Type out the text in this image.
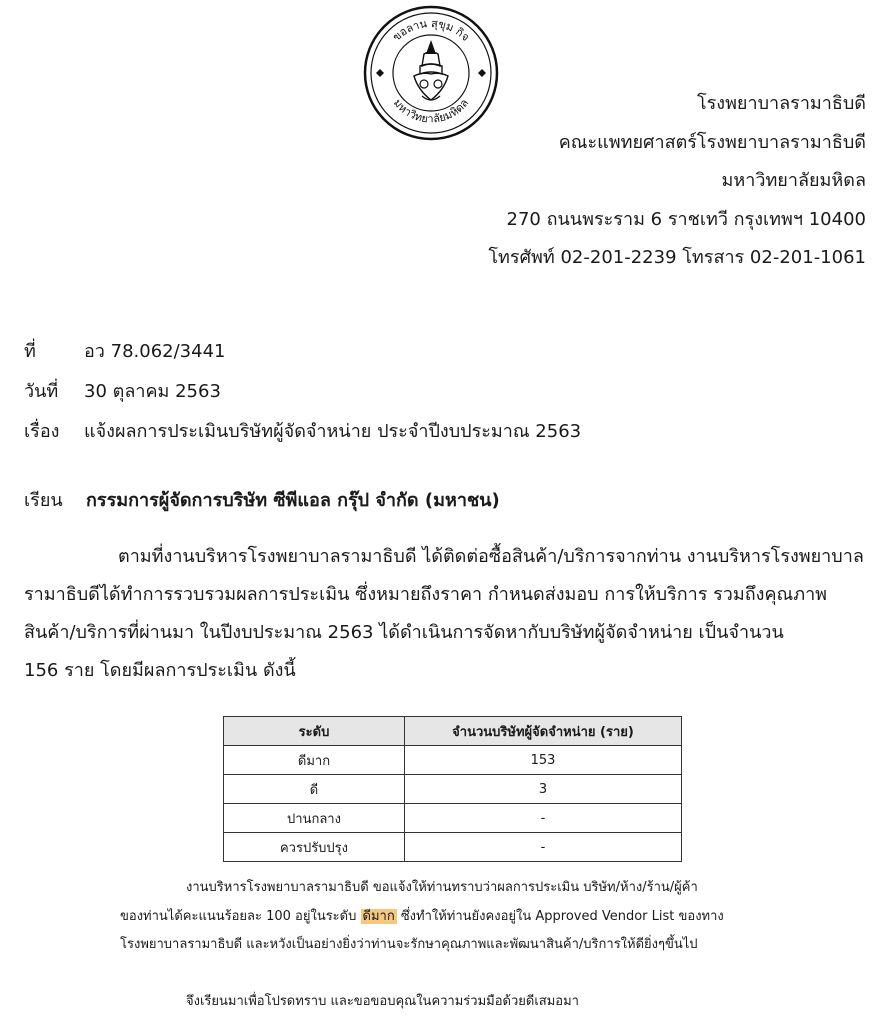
ขอลาน สุขุม กิจ
มหาวิทยาลัยมหิดล	โรงพยาบาลรามาธิบดี
คณะแพทยศาสตร์โรงพยาบาลรามาธิบดี
มหาวิทยาลัยมหิดล
270 ถนนพระราม 6 ราชเทวี กรุงเทพฯ 10400
โทรศัพท์ 02-201-2239 โทรสาร 02-201-1061
ที่	อว 78.062/3441
วันที่ 30 ตุลาคม 2563
เรื่อง แจ้งผลการประเมินบริษัทผู้จัดจำหน่าย ประจำปีงบประมาณ 2563
เรียน กรรมการผู้จัดการบริษัท ซีพีแอล กรุ๊ป จำกัด (มหาชน)
ตามที่งานบริหารโรงพยาบาลรามาธิบดี ได้ติดต่อซื้อสินค้า/บริการจากท่าน งานบริหารโรงพยาบาล
รามาธิบดีได้ทำการรวบรวมผลการประเมิน ซึ่งหมายถึงราคา กำหนดส่งมอบ การให้บริการ รวมถึงคุณภาพ
สินค้า/บริการที่ผ่านมา ในปีงบประมาณ 2563 ได้ดำเนินการจัดหากับบริษัทผู้จัดจำหน่าย เป็นจำนวน
156 ราย โดยมีผลการประเมิน ดังนี้
ระดับ	จำนวนบริษัทผู้จัดจำหน่าย (ราย)
ดีมาก	153
ดี	3
ปานกลาง	-
ควรปรับปรุง	-
งานบริหารโรงพยาบาลรามาธิบดี ขอแจ้งให้ท่านทราบว่าผลการประเมิน บริษัท/ห้าง/ร้าน/ผู้ค้า
ของท่านได้คะแนนร้อยละ 100 อยู่ในระดับ ดีมาก ซึ่งทำให้ท่านยังคงอยู่ใน Approved Vendor List ของทาง
โรงพยาบาลรามาธิบดี และหวังเป็นอย่างยิ่งว่าท่านจะรักษาคุณภาพและพัฒนาสินค้า/บริการให้ดียิ่งๆขึ้นไป
จึงเรียนมาเพื่อโปรดทราบ และขอขอบคุณในความร่วมมือด้วยดีเสมอมา
